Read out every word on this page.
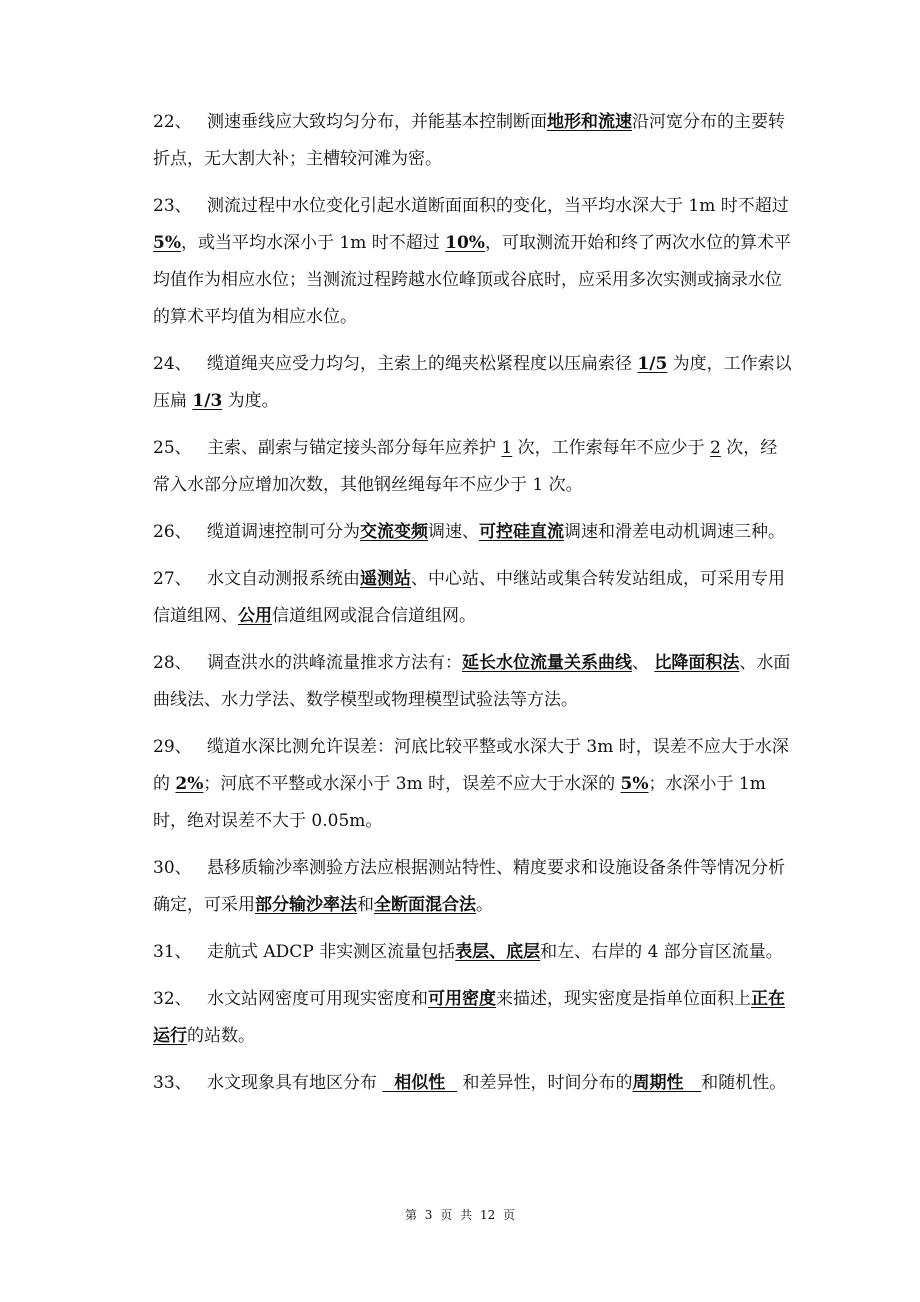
22、 测速垂线应大致均匀分布，并能基本控制断面地形和流速沿河宽分布的主要转折点，无大割大补；主槽较河滩为密。
23、 测流过程中水位变化引起水道断面面积的变化，当平均水深大于 1m 时不超过 5%，或当平均水深小于 1m 时不超过 10%，可取测流开始和终了两次水位的算术平均值作为相应水位；当测流过程跨越水位峰顶或谷底时，应采用多次实测或摘录水位的算术平均值为相应水位。
24、 缆道绳夹应受力均匀，主索上的绳夹松紧程度以压扁索径 1/5 为度，工作索以压扁 1/3 为度。
25、 主索、副索与锚定接头部分每年应养护 1 次，工作索每年不应少于 2 次，经常入水部分应增加次数，其他钢丝绳每年不应少于 1 次。
26、 缆道调速控制可分为交流变频调速、可控硅直流调速和滑差电动机调速三种。
27、 水文自动测报系统由遥测站、中心站、中继站或集合转发站组成，可采用专用信道组网、公用信道组网或混合信道组网。
28、 调查洪水的洪峰流量推求方法有：延长水位流量关系曲线、 比降面积法、水面曲线法、水力学法、数学模型或物理模型试验法等方法。
29、 缆道水深比测允许误差：河底比较平整或水深大于 3m 时，误差不应大于水深的 2%；河底不平整或水深小于 3m 时，误差不应大于水深的 5%；水深小于 1m 时，绝对误差不大于 0.05m。
30、 悬移质输沙率测验方法应根据测站特性、精度要求和设施设备条件等情况分析确定，可采用部分输沙率法和全断面混合法。
31、 走航式 ADCP 非实测区流量包括表层、底层和左、右岸的 4 部分盲区流量。
32、 水文站网密度可用现实密度和可用密度来描述，现实密度是指单位面积上正在运行的站数。
33、 水文现象具有地区分布   相似性   和差异性，时间分布的周期性   和随机性。
第 3 页 共 12 页
